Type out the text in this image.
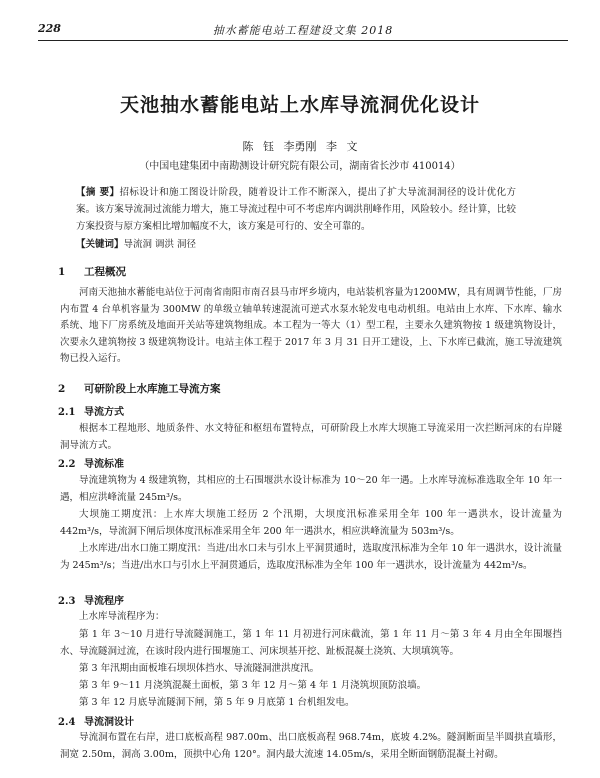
228	抽水蓄能电站工程建设文集 2018
天池抽水蓄能电站上水库导流洞优化设计
陈 钰 李勇刚 李 文
（中国电建集团中南勘测设计研究院有限公司，湖南省长沙市 410014）
【摘 要】招标设计和施工图设计阶段，随着设计工作不断深入，提出了扩大导流洞洞径的设计优化方案。该方案导流洞过流能力增大，施工导流过程中可不考虑库内调洪削峰作用，风险较小。经计算，比较方案投资与原方案相比增加幅度不大，该方案是可行的、安全可靠的。
【关键词】导流洞 调洪 洞径
1 工程概况
河南天池抽水蓄能电站位于河南省南阳市南召县马市坪乡境内，电站装机容量为1200MW，具有周调节性能，厂房内布置 4 台单机容量为 300MW 的单级立轴单转速混流可逆式水泵水轮发电电动机组。电站由上水库、下水库、输水系统、地下厂房系统及地面开关站等建筑物组成。本工程为一等大（1）型工程，主要永久建筑物按 1 级建筑物设计，次要永久建筑物按 3 级建筑物设计。电站主体工程于 2017 年 3 月 31 日开工建设，上、下水库已截流，施工导流建筑物已投入运行。
2 可研阶段上水库施工导流方案
2.1 导流方式
根据本工程地形、地质条件、水文特征和枢纽布置特点，可研阶段上水库大坝施工导流采用一次拦断河床的右岸隧洞导流方式。
2.2 导流标准
导流建筑物为 4 级建筑物，其相应的土石围堰洪水设计标准为 10～20 年一遇。上水库导流标准选取全年 10 年一遇，相应洪峰流量 245m³/s。
大坝施工期度汛：上水库大坝施工经历 2 个汛期，大坝度汛标准采用全年 100 年一遇洪水，设计流量为 442m³/s，导流洞下闸后坝体度汛标准采用全年 200 年一遇洪水，相应洪峰流量为 503m³/s。
上水库进/出水口施工期度汛：当进/出水口未与引水上平洞贯通时，选取度汛标准为全年 10 年一遇洪水，设计流量为 245m³/s；当进/出水口与引水上平洞贯通后，选取度汛标准为全年 100 年一遇洪水，设计流量为 442m³/s。
2.3 导流程序
上水库导流程序为：
第 1 年 3～10 月进行导流隧洞施工，第 1 年 11 月初进行河床截流，第 1 年 11 月～第 3 年 4 月由全年围堰挡水、导流隧洞过流，在该时段内进行围堰施工、河床坝基开挖、趾板混凝土浇筑、大坝填筑等。
第 3 年汛期由面板堆石坝坝体挡水、导流隧洞泄洪度汛。
第 3 年 9～11 月浇筑混凝土面板，第 3 年 12 月～第 4 年 1 月浇筑坝顶防浪墙。
第 3 年 12 月底导流隧洞下闸，第 5 年 9 月底第 1 台机组发电。
2.4 导流洞设计
导流洞布置在右岸，进口底板高程 987.00m、出口底板高程 968.74m，底坡 4.2%。隧洞断面呈半圆拱直墙形，洞宽 2.50m，洞高 3.00m，顶拱中心角 120°。洞内最大流速 14.05m/s，采用全断面钢筋混凝土衬砌。
